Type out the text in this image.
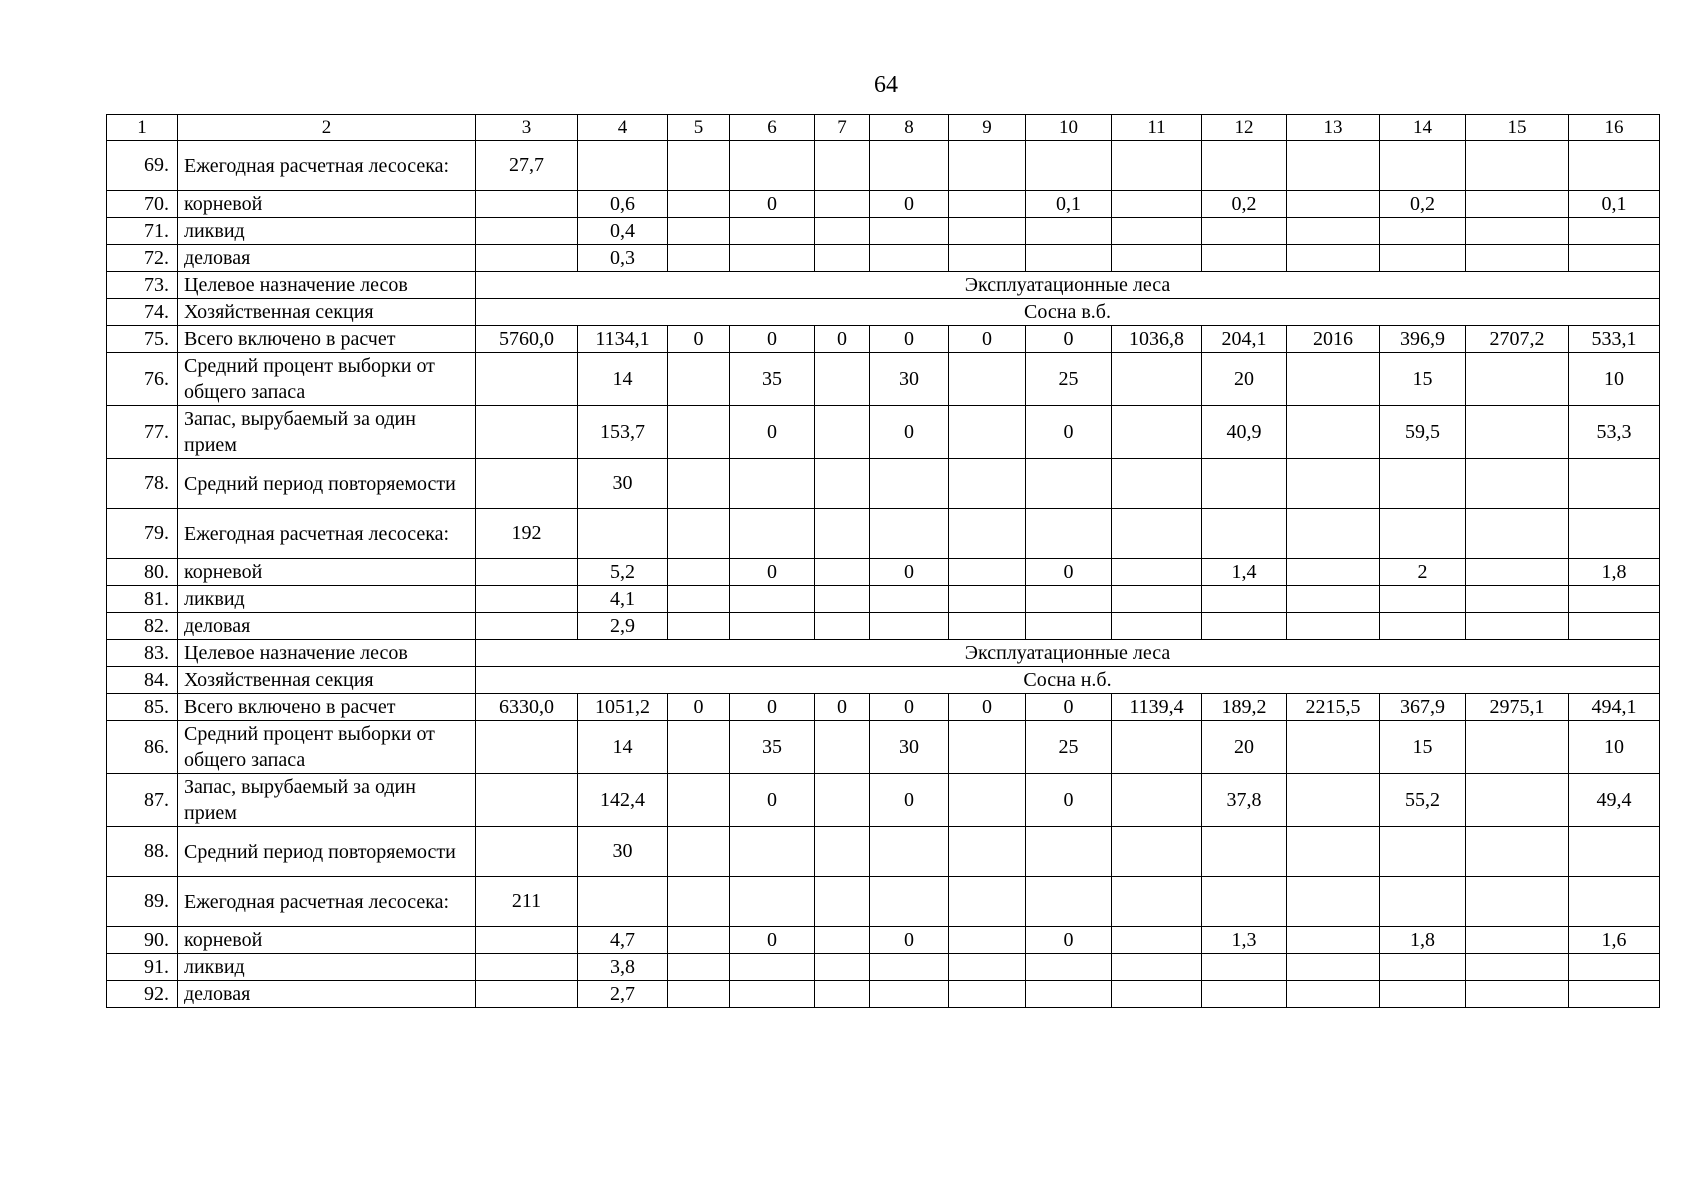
64
1	2	3	4	5	6	7	8	9	10	11	12	13	14	15	16
69.	Ежегодная расчетная лесосека:	27,7													
70.	корневой		0,6		0		0		0,1		0,2		0,2		0,1
71.	ликвид		0,4												
72.	деловая		0,3												
73.	Целевое назначение лесов	Эксплуатационные леса													
74.	Хозяйственная секция	Сосна в.б.													
75.	Всего включено в расчет	5760,0	1134,1	0	0	0	0	0	0	1036,8	204,1	2016	396,9	2707,2	533,1
76.	Средний процент выборки от общего запаса		14		35		30		25		20		15		10
77.	Запас, вырубаемый за один прием		153,7		0		0		0		40,9		59,5		53,3
78.	Средний период повторяемости		30												
79.	Ежегодная расчетная лесосека:	192													
80.	корневой		5,2		0		0		0		1,4		2		1,8
81.	ликвид		4,1												
82.	деловая		2,9												
83.	Целевое назначение лесов	Эксплуатационные леса													
84.	Хозяйственная секция	Сосна н.б.													
85.	Всего включено в расчет	6330,0	1051,2	0	0	0	0	0	0	1139,4	189,2	2215,5	367,9	2975,1	494,1
86.	Средний процент выборки от общего запаса		14		35		30		25		20		15		10
87.	Запас, вырубаемый за один прием		142,4		0		0		0		37,8		55,2		49,4
88.	Средний период повторяемости		30												
89.	Ежегодная расчетная лесосека:	211													
90.	корневой		4,7		0		0		0		1,3		1,8		1,6
91.	ликвид		3,8												
92.	деловая		2,7												
